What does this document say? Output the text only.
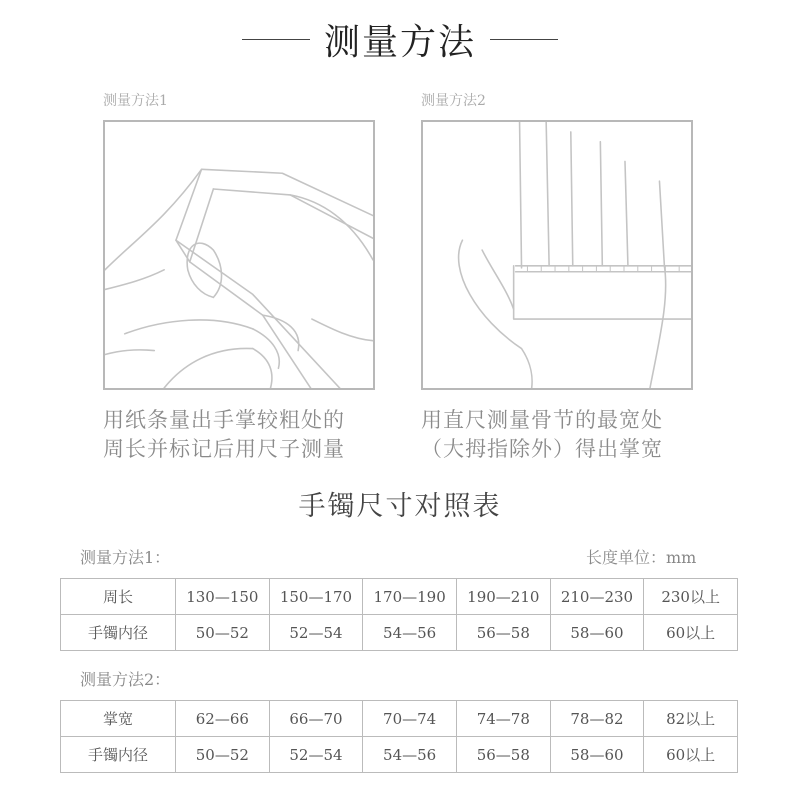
测量方法
测量方法1
用纸条量出手掌较粗处的
周长并标记后用尺子测量
测量方法2
用直尺测量骨节的最宽处
（大拇指除外）得出掌宽
手镯尺寸对照表
测量方法1：	长度单位：mm
周长	130—150	150—170	170—190	190—210	210—230	230以上
手镯内径	50—52	52—54	54—56	56—58	58—60	60以上
测量方法2：
掌宽	62—66	66—70	70—74	74—78	78—82	82以上
手镯内径	50—52	52—54	54—56	56—58	58—60	60以上
